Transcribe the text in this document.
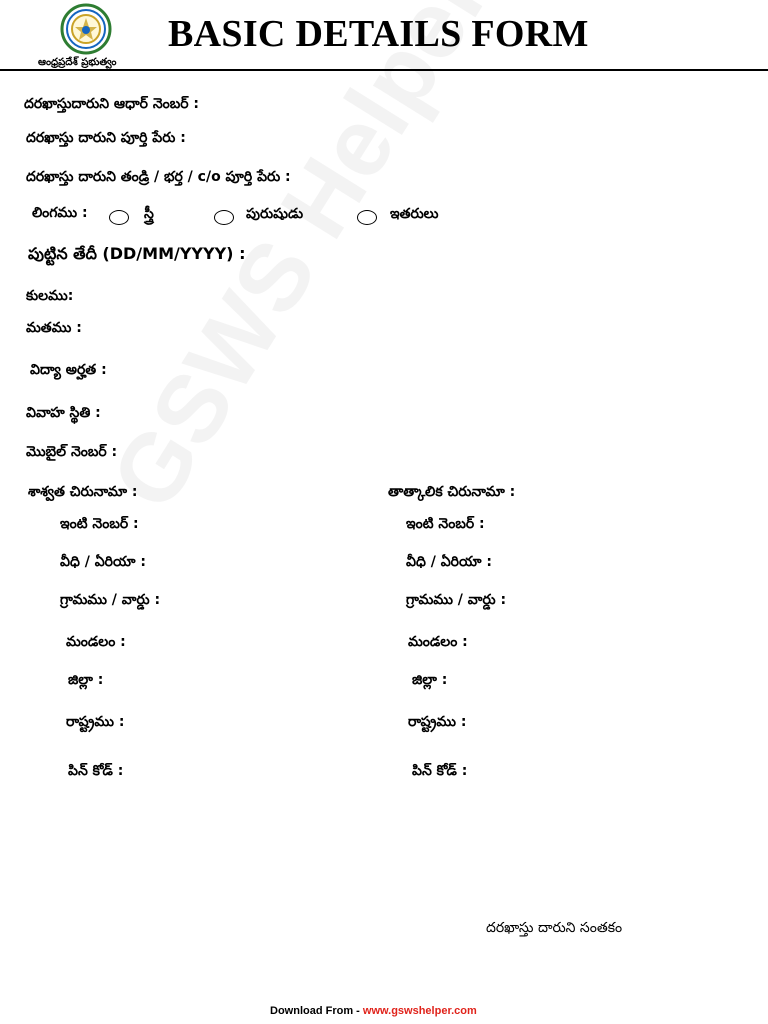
ఆంధ్రప్రదేశ్ ప్రభుత్వం
BASIC DETAILS FORM
దరఖాస్తుదారుని ఆధార్ నెంబర్ :
దరఖాస్తు దారుని పూర్తి పేరు :
దరఖాస్తు దారుని తండ్రి / భర్త / c/o పూర్తి పేరు :
లింగము :	స్త్రీ	పురుషుడు	ఇతరులు
పుట్టిన తేదీ (DD/MM/YYYY) :
కులము:
మతము :
విద్యా అర్హత :
వివాహ స్థితి :
మొబైల్ నెంబర్ :
శాశ్వత చిరునామా :
ఇంటి నెంబర్ :
వీధి / ఏరియా :
గ్రామము / వార్డు :
మండలం :
జిల్లా :
రాష్ట్రము :
పిన్ కోడ్ :
తాత్కాలిక చిరునామా :
ఇంటి నెంబర్ :
వీధి / ఏరియా :
గ్రామము / వార్డు :
మండలం :
జిల్లా :
రాష్ట్రము :
పిన్ కోడ్ :
దరఖాస్తు దారుని సంతకం
Download From - www.gswshelper.com
